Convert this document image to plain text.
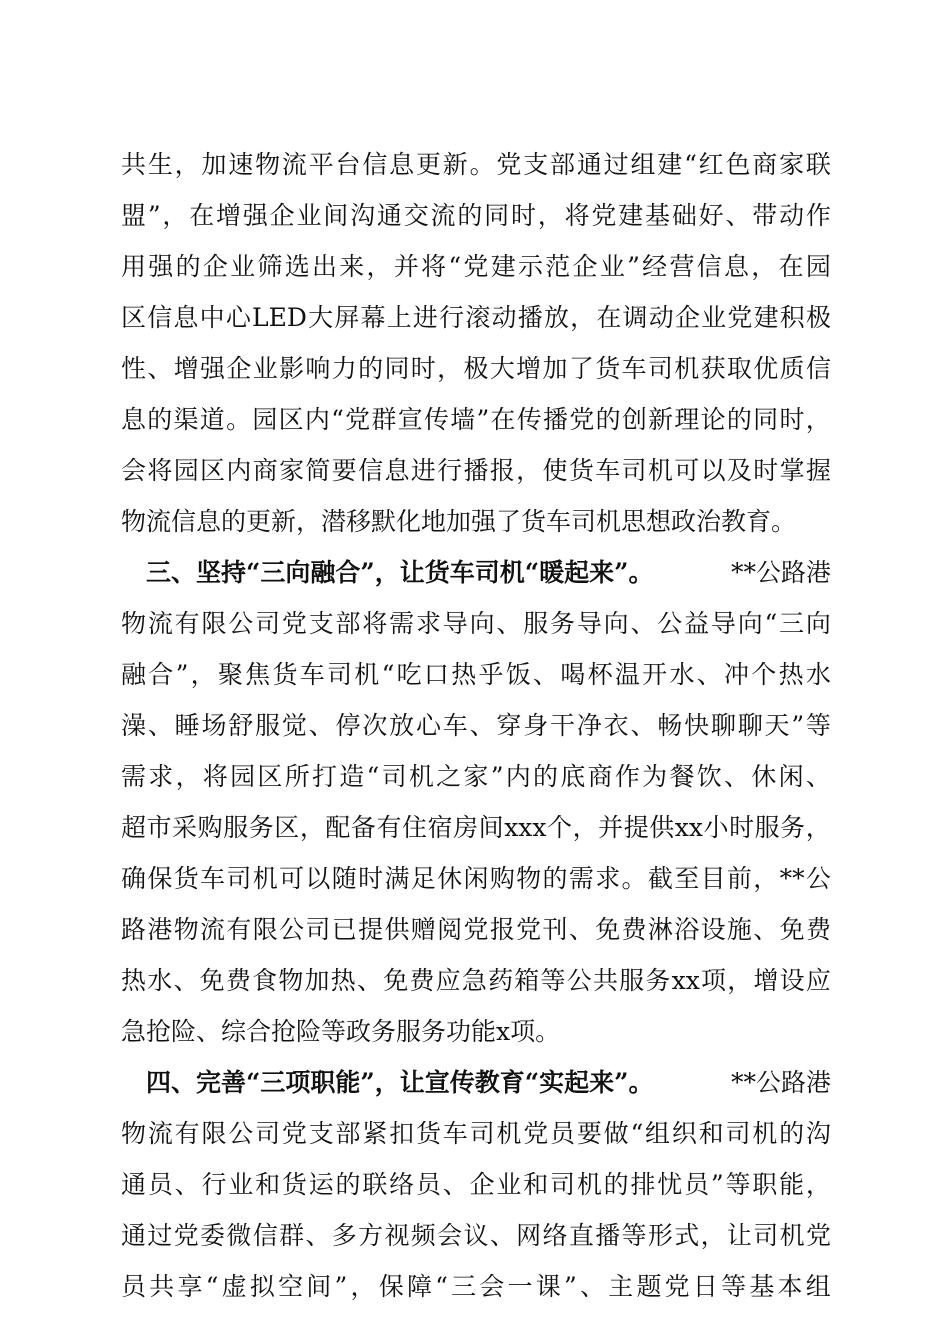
共 生 ， 加 速 物 流 平 台 信 息 更 新 。 党 支 部 通 过 组 建 “ 红 色 商 家 联
盟 ” ， 在 增 强 企 业 间 沟 通 交 流 的 同 时 ， 将 党 建 基 础 好 、 带 动 作
用 强 的 企 业 筛 选 出 来 ， 并 将 “ 党 建 示 范 企 业 ” 经 营 信 息 ， 在 园
区 信 息 中 心 LED 大 屏 幕 上 进 行 滚 动 播 放 ， 在 调 动 企 业 党 建 积 极
性 、 增 强 企 业 影 响 力 的 同 时 ， 极 大 增 加 了 货 车 司 机 获 取 优 质 信
息 的 渠 道 。 园 区 内 “ 党 群 宣 传 墙 ” 在 传 播 党 的 创 新 理 论 的 同 时 ，
会 将 园 区 内 商 家 简 要 信 息 进 行 播 报 ， 使 货 车 司 机 可 以 及 时 掌 握
物流信息的更新，潜移默化地加强了货车司机思想政治教育。
三、坚持“三向融合”，让货车司机“暖起来”。	**公路港
物 流 有 限 公 司 党 支 部 将 需 求 导 向 、 服 务 导 向 、 公 益 导 向 “ 三 向
融 合 ” ， 聚 焦 货 车 司 机 “ 吃 口 热 乎 饭 、 喝 杯 温 开 水 、 冲 个 热 水
澡 、 睡 场 舒 服 觉 、 停 次 放 心 车 、 穿 身 干 净 衣 、 畅 快 聊 聊 天 ” 等
需 求 ， 将 园 区 所 打 造 “ 司 机 之 家 ” 内 的 底 商 作 为 餐 饮 、 休 闲 、
超 市 采 购 服 务 区 ， 配 备 有 住 宿 房 间 xxx 个 ， 并 提 供 xx 小 时 服 务 ，
确 保 货 车 司 机 可 以 随 时 满 足 休 闲 购 物 的 需 求 。 截 至 目 前 ， ** 公
路 港 物 流 有 限 公 司 已 提 供 赠 阅 党 报 党 刊 、 免 费 淋 浴 设 施 、 免 费
热 水 、 免 费 食 物 加 热 、 免 费 应 急 药 箱 等 公 共 服 务 xx 项 ， 增 设 应
急抢险、综合抢险等政务服务功能x项。
四、完善“三项职能”，让宣传教育“实起来”。	**公路港
物 流 有 限 公 司 党 支 部 紧 扣 货 车 司 机 党 员 要 做 “ 组 织 和 司 机 的 沟
通 员 、 行 业 和 货 运 的 联 络 员 、 企 业 和 司 机 的 排 忧 员 ” 等 职 能 ，
通 过 党 委 微 信 群 、 多 方 视 频 会 议 、 网 络 直 播 等 形 式 ， 让 司 机 党
员 共 享 “ 虚 拟 空 间 ” ， 保 障 “ 三 会 一 课 ” 、 主 题 党 日 等 基 本 组
